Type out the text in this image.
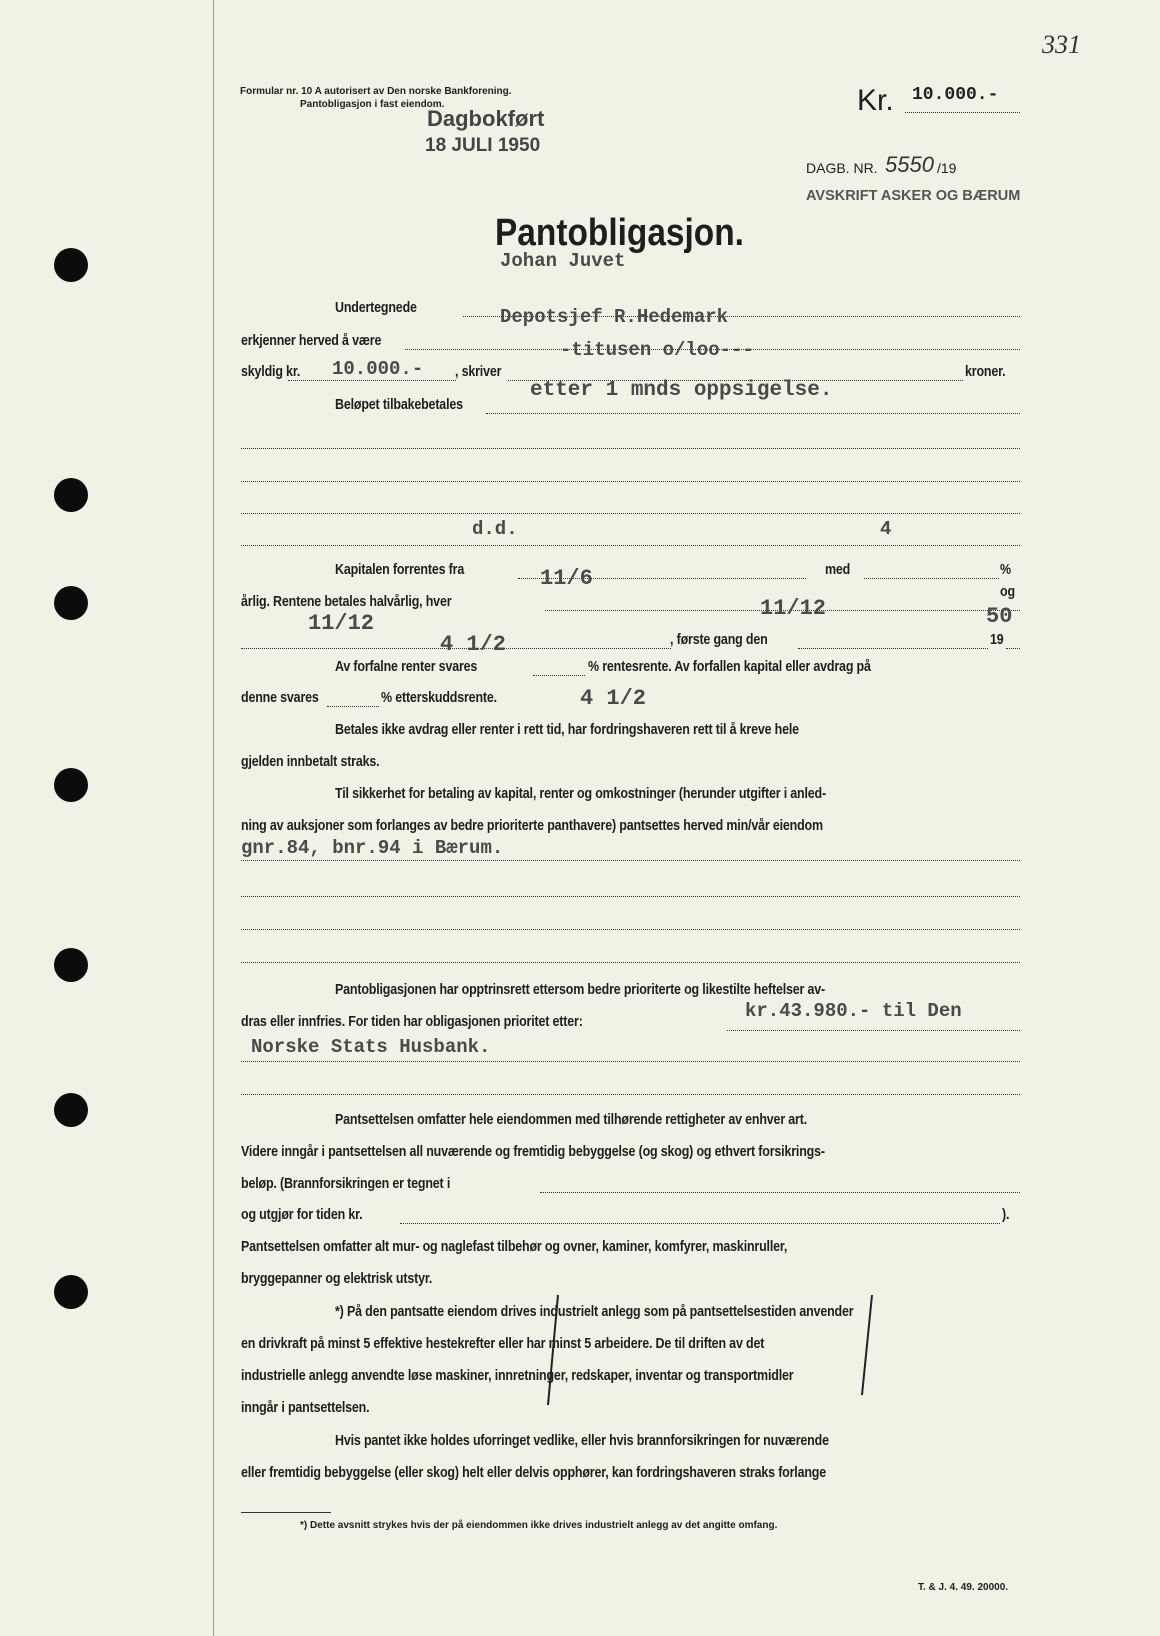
331
Formular nr. 10 A autorisert av Den norske Bankforening.
Pantobligasjon i fast eiendom.	Kr. 10.000.-
Dagbokført
18 JULI 1950
DAGB. NR. 5550 /19
AVSKRIFT ASKER OG BÆRUM
Pantobligasjon.
Johan Juvet
Undertegnede	Depotsjef R.Hedemark
erkjenner herved å være	-titusen o/loo---
skyldig kr. 10.000.- , skriver	kroner.
etter 1 mnds oppsigelse.
Beløpet tilbakebetales
d.d.	4
Kapitalen forrentes fra	med	%
11/6
årlig. Rentene betales halvårlig, hver
og
11/12
11/12	50
, første gang den	19
4 1/2
Av forfalne renter svares	% rentesrente. Av forfallen kapital eller avdrag på
denne svares	% etterskuddsrente.	4 1/2
Betales ikke avdrag eller renter i rett tid, har fordringshaveren rett til å kreve hele
gjelden innbetalt straks.
Til sikkerhet for betaling av kapital, renter og omkostninger (herunder utgifter i anled-
ning av auksjoner som forlanges av bedre prioriterte panthavere) pantsettes herved min/vår eiendom
gnr.84, bnr.94 i Bærum.
Pantobligasjonen har opptrinsrett ettersom bedre prioriterte og likestilte heftelser av-
kr.43.980.- til Den
dras eller innfries. For tiden har obligasjonen prioritet etter:
Norske Stats Husbank.
Pantsettelsen omfatter hele eiendommen med tilhørende rettigheter av enhver art.
Videre inngår i pantsettelsen all nuværende og fremtidig bebyggelse (og skog) og ethvert forsikrings-
beløp. (Brannforsikringen er tegnet i
og utgjør for tiden kr.	).
Pantsettelsen omfatter alt mur- og naglefast tilbehør og ovner, kaminer, komfyrer, maskinruller,
bryggepanner og elektrisk utstyr.
*) På den pantsatte eiendom drives industrielt anlegg som på pantsettelsestiden anvender
en drivkraft på minst 5 effektive hestekrefter eller har minst 5 arbeidere. De til driften av det
industrielle anlegg anvendte løse maskiner, innretninger, redskaper, inventar og transportmidler
inngår i pantsettelsen.
Hvis pantet ikke holdes uforringet vedlike, eller hvis brannforsikringen for nuværende
eller fremtidig bebyggelse (eller skog) helt eller delvis opphører, kan fordringshaveren straks forlange
*) Dette avsnitt strykes hvis der på eiendommen ikke drives industrielt anlegg av det angitte omfang.
T. & J. 4. 49. 20000.
